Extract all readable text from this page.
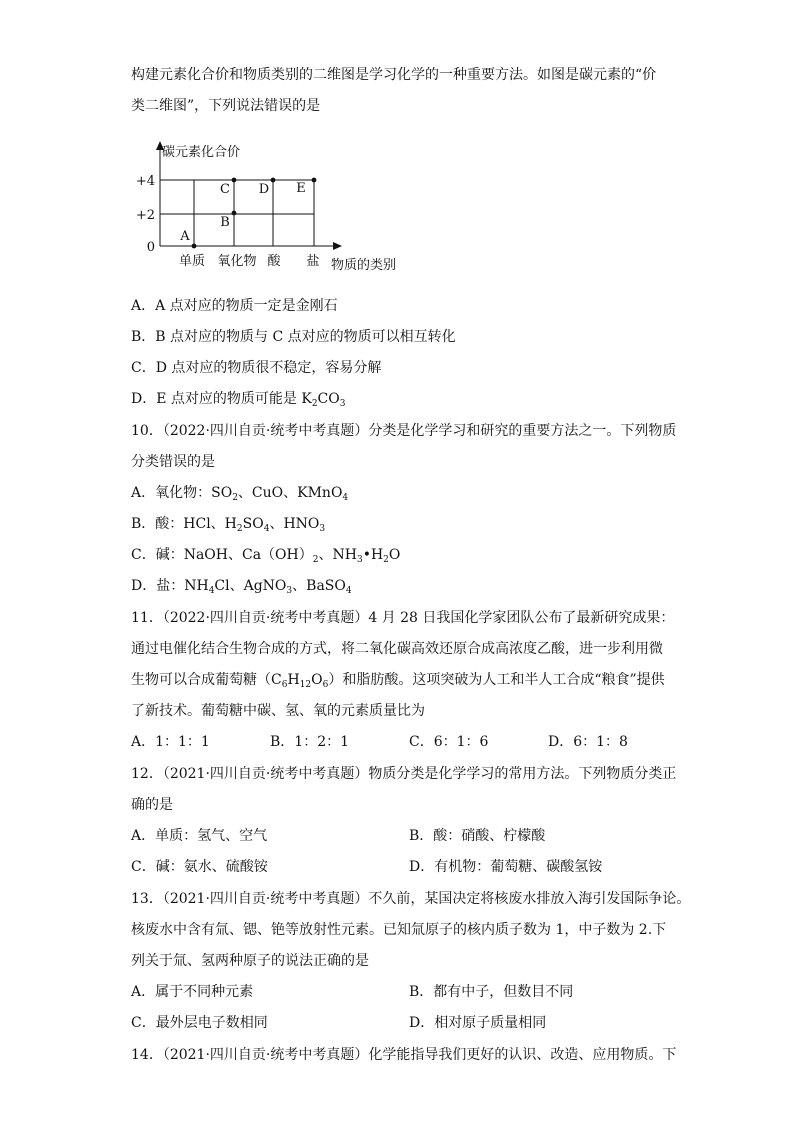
构建元素化合价和物质类别的二维图是学习化学的一种重要方法。如图是碳元素的“价
类二维图”，下列说法错误的是
碳元素化合价
物质的类别
0
+2
+4
单质 氧化物 酸 盐
A
B
C D E
A．A 点对应的物质一定是金刚石
B．B 点对应的物质与 C 点对应的物质可以相互转化
C．D 点对应的物质很不稳定，容易分解
D．E 点对应的物质可能是 $K_2CO_3$
10．（2022·四川自贡·统考中考真题）分类是化学学习和研究的重要方法之一。下列物质
分类错误的是
A．氧化物：$SO_2$、CuO、KMnO$_4$
B．酸：HCl、$H_2SO_4$、$HNO_3$
C．碱：NaOH、$Ca(OH)_2$、$NH_3•H_2O$
D．盐：$NH_4Cl$、AgNO$_3$、BaSO$_4$
11．（2022·四川自贡·统考中考真题）4 月 28 日我国化学家团队公布了最新研究成果：
通过电催化结合生物合成的方式，将二氧化碳高效还原合成高浓度乙酸，进一步利用微
生物可以合成葡萄糖$(C_6H_{12}O_6)$和脂肪酸。这项突破为人工和半人工合成“粮食”提供
了新技术。葡萄糖中碳、氢、氧的元素质量比为
A．1：1：1	B．1：2：1	C．6：1：6	D．6：1：8
12．（2021·四川自贡·统考中考真题）物质分类是化学学习的常用方法。下列物质分类正
确的是
A．单质：氢气、空气	B．酸：硝酸、柠檬酸
C．碱：氨水、硫酸铵	D．有机物：葡萄糖、碳酸氢铵
13．（2021·四川自贡·统考中考真题）不久前，某国决定将核废水排放入海引发国际争论。
核废水中含有氚、锶、铯等放射性元素。已知氚原子的核内质子数为 1，中子数为 2.下
列关于氚、氢两种原子的说法正确的是
A．属于不同种元素	B．都有中子，但数目不同
C．最外层电子数相同	D．相对原子质量相同
14．（2021·四川自贡·统考中考真题）化学能指导我们更好的认识、改造、应用物质。下
